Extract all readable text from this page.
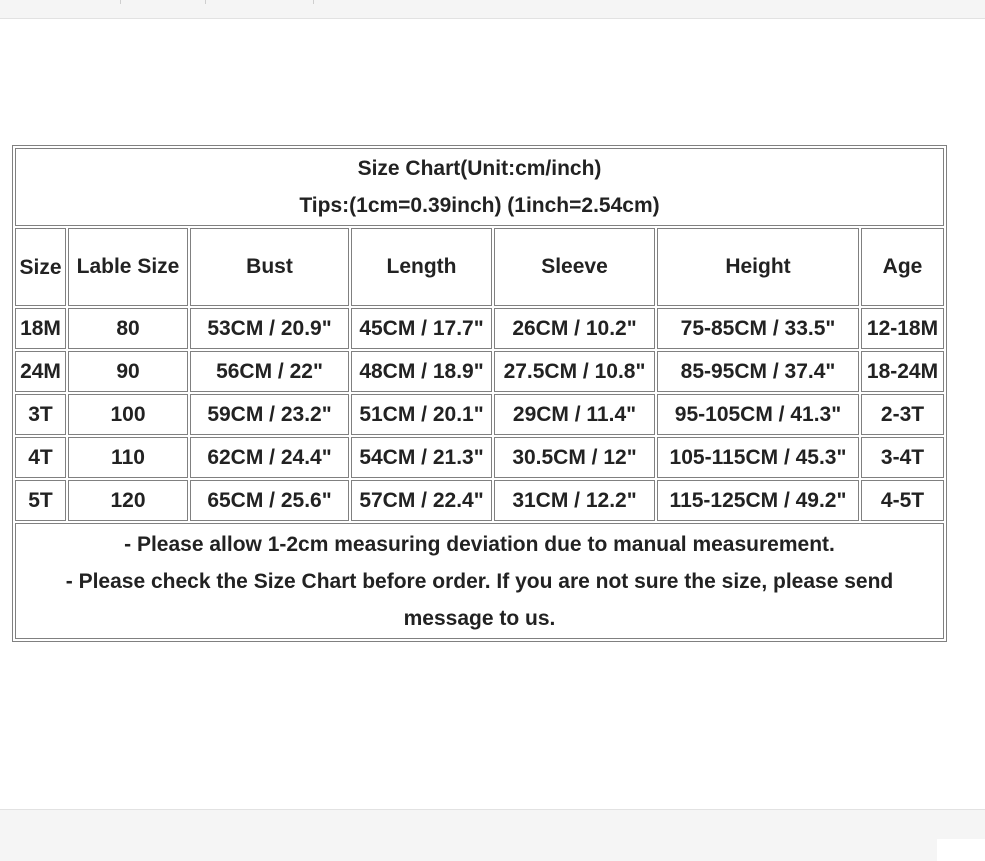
Size Chart(Unit:cm/inch)
Tips:(1cm=0.39inch) (1inch=2.54cm)						

Size	Lable Size	Bust	Length	Sleeve	Height	Age
18M	80	53CM / 20.9"	45CM / 17.7"	26CM / 10.2"	75-85CM / 33.5"	12-18M
24M	90	56CM / 22"	48CM / 18.9"	27.5CM / 10.8"	85-95CM / 37.4"	18-24M
3T	100	59CM / 23.2"	51CM / 20.1"	29CM / 11.4"	95-105CM / 41.3"	2-3T
4T	110	62CM / 24.4"	54CM / 21.3"	30.5CM / 12"	105-115CM / 45.3"	3-4T
5T	120	65CM / 25.6"	57CM / 22.4"	31CM / 12.2"	115-125CM / 49.2"	4-5T

- Please allow 1-2cm measuring deviation due to manual measurement.
- Please check the Size Chart before order. If you are not sure the size, please send message to us.						
